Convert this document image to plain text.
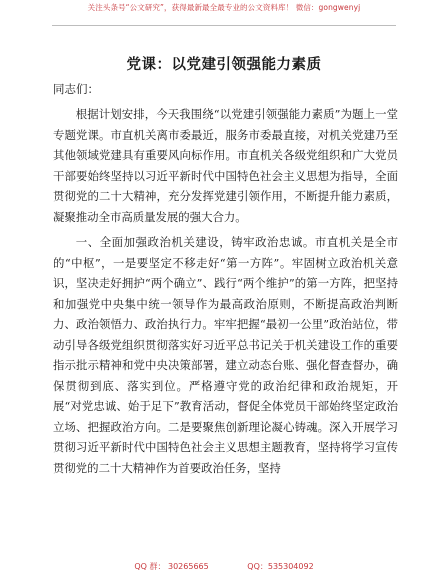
关注头条号“公文研究”，获得最新最全最专业的公文资料库！ 微信：gongwenyj
党课：以党建引领强能力素质
同志们：

根据计划安排，今天我围绕“以党建引领强能力素质”为题上一堂专题党课。市直机关离市委最近，服务市委最直接，对机关党建乃至其他领域党建具有重要风向标作用。市直机关各级党组织和广大党员干部要始终坚持以习近平新时代中国特色社会主义思想为指导，全面贯彻党的二十大精神，充分发挥党建引领作用，不断提升能力素质，凝聚推动全市高质量发展的强大合力。

一、全面加强政治机关建设，铸牢政治忠诚。市直机关是全市的“中枢”，一是要坚定不移走好“第一方阵”。牢固树立政治机关意识，坚决走好拥护“两个确立”、践行“两个维护”的第一方阵，把坚持和加强党中央集中统一领导作为最高政治原则，不断提高政治判断力、政治领悟力、政治执行力。牢牢把握“最初一公里”政治站位，带动引导各级党组织贯彻落实好习近平总书记关于机关建设工作的重要指示批示精神和党中央决策部署，建立动态台账、强化督查督办，确保贯彻到底、落实到位。严格遵守党的政治纪律和政治规矩，开展“对党忠诚、始于足下”教育活动，督促全体党员干部始终坚定政治立场、把握政治方向。二是要聚焦创新理论凝心铸魂。深入开展学习贯彻习近平新时代中国特色社会主义思想主题教育，坚持将学习宣传贯彻党的二十大精神作为首要政治任务，坚持

QQ 群： 30265665	QQ：535304092
